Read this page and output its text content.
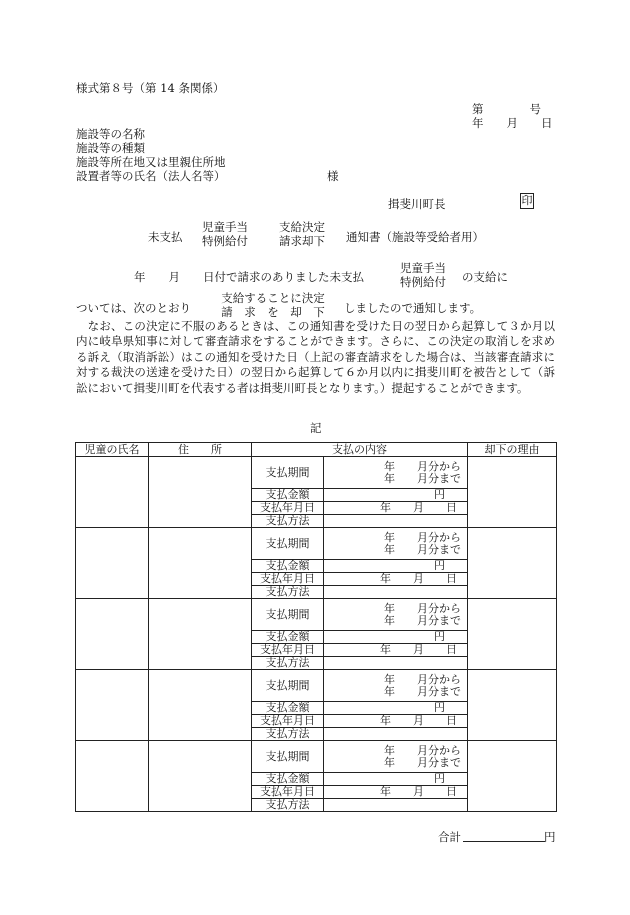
様式第８号（第 14 条関係）
第　　　　号
年　　月　　日
施設等の名称
施設等の種類
施設等所在地又は里親住所地
設置者等の氏名（法人名等）	様
揖斐川町長	印
未支払
児童手当
特例給付
支給決定
請求却下 通知書（施設等受給者用）
年　　月　　日付で請求のありました未支払
児童手当
特例給付 の支給に
ついては、次のとおり
支給することに決定
請　求　を　却　下	しましたので通知します。
　なお、この決定に不服のあるときは、この通知書を受けた日の翌日から起算して３か月以内に岐阜県知事に対して審査請求をすることができます。さらに、この決定の取消しを求める訴え（取消訴訟）はこの通知を受けた日（上記の審査請求をした場合は、当該審査請求に対する裁決の送達を受けた日）の翌日から起算して６か月以内に揖斐川町を被告として（訴訟において揖斐川町を代表する者は揖斐川町長となります。）提起することができます。
記
児童の氏名	住　　所	支払の内容		却下の理由
		支払期間	年　　月分から
年　　月分まで	

		支払金額	円	
		支払年月日	年　　月　　日	
		支払方法		
		支払期間	年　　月分から
年　　月分まで	

		支払金額	円	
		支払年月日	年　　月　　日	
		支払方法		
		支払期間	年　　月分から
年　　月分まで	

		支払金額	円	
		支払年月日	年　　月　　日	
		支払方法		
		支払期間	年　　月分から
年　　月分まで	

		支払金額	円	
		支払年月日	年　　月　　日	
		支払方法		
		支払期間	年　　月分から
年　　月分まで	

		支払金額	円	
		支払年月日	年　　月　　日	
		支払方法		
合計	円
